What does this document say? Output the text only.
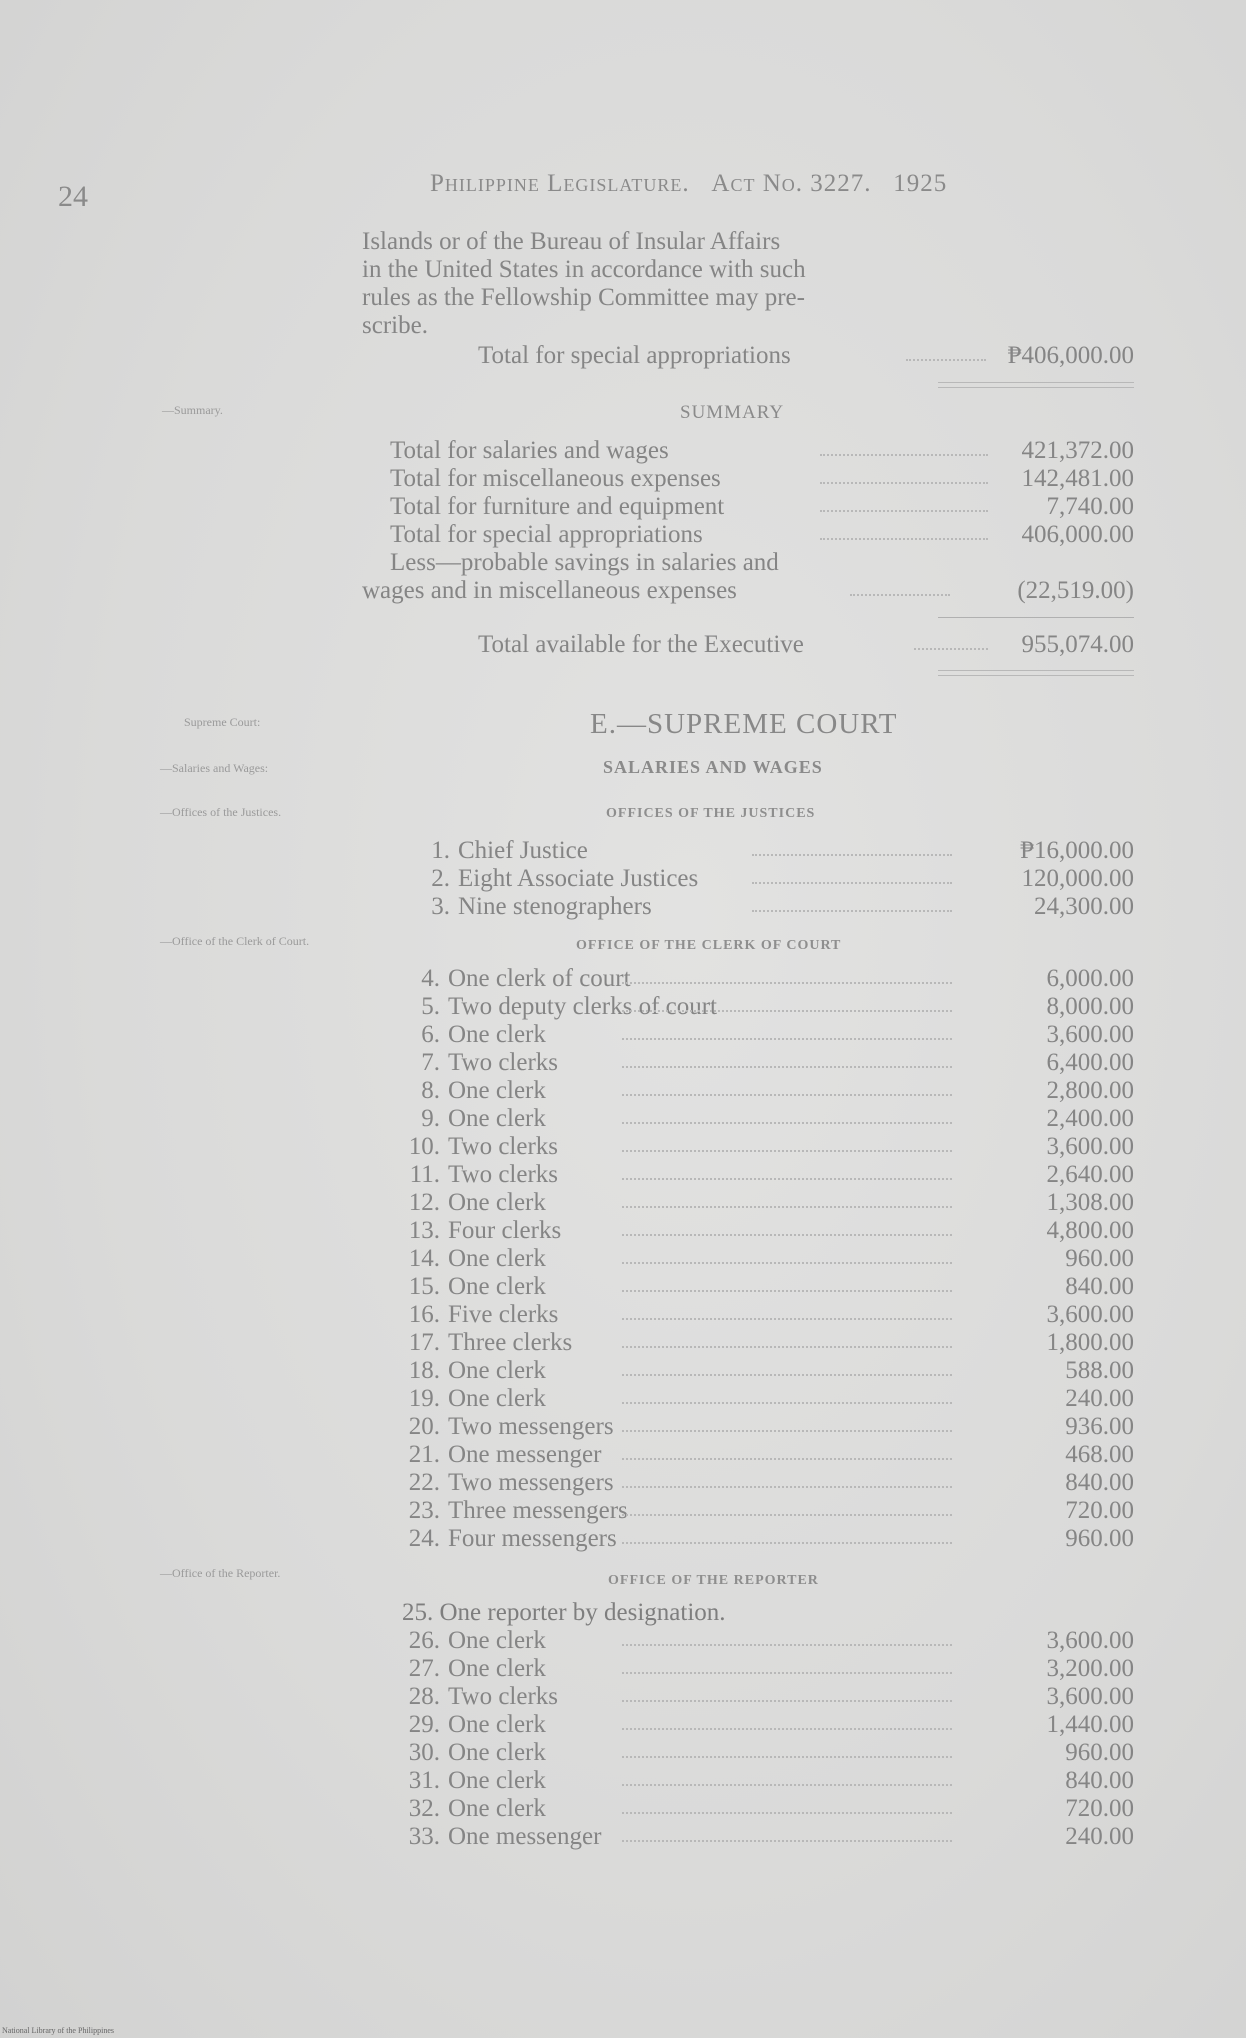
24	Philippine Legislature. Act No. 3227. 1925

Islands or of the Bureau of Insular Affairs

in the United States in accordance with such

rules as the Fellowship Committee may pre-

scribe.

Total for special appropriations	₱406,000.00
—Summary.	SUMMARY
Total for salaries and wages	421,372.00
Total for miscellaneous expenses	142,481.00
Total for furniture and equipment	7,740.00
Total for special appropriations	406,000.00
Less—probable savings in salaries and
wages and in miscellaneous expenses	(22,519.00)
Total available for the Executive	955,074.00
Supreme Court:	E.—SUPREME COURT
—Salaries and Wages:	SALARIES AND WAGES
—Offices of the Justices.	OFFICES OF THE JUSTICES
1. Chief Justice	₱16,000.00
2. Eight Associate Justices	120,000.00
3. Nine stenographers	24,300.00
—Office of the Clerk of Court.	OFFICE OF THE CLERK OF COURT
4. One clerk of court	6,000.00
5. Two deputy clerks of court	8,000.00
6. One clerk	3,600.00
7. Two clerks	6,400.00
8. One clerk	2,800.00
9. One clerk	2,400.00
10. Two clerks	3,600.00
11. Two clerks	2,640.00
12. One clerk	1,308.00
13. Four clerks	4,800.00
14. One clerk	960.00
15. One clerk	840.00
16. Five clerks	3,600.00
17. Three clerks	1,800.00
18. One clerk	588.00
19. One clerk	240.00
20. Two messengers	936.00
21. One messenger	468.00
22. Two messengers	840.00
23. Three messengers	720.00
24. Four messengers	960.00
—Office of the Reporter.	OFFICE OF THE REPORTER
25. One reporter by designation.
26. One clerk	3,600.00
27. One clerk	3,200.00
28. Two clerks	3,600.00
29. One clerk	1,440.00
30. One clerk	960.00
31. One clerk	840.00
32. One clerk	720.00
33. One messenger	240.00
National Library of the Philippines
